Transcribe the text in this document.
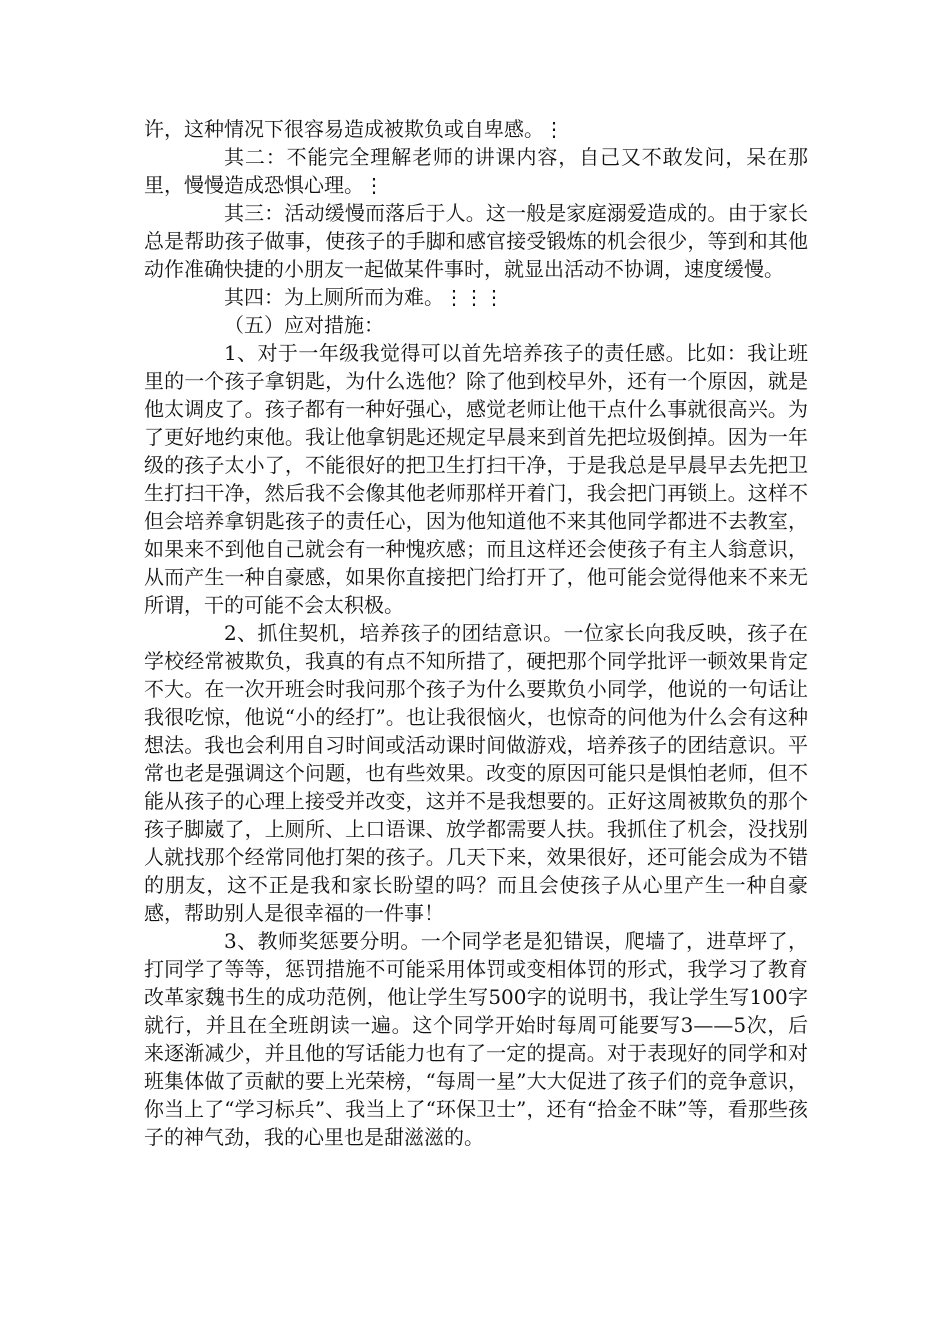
许，这种情况下很容易造成被欺负或自卑感。⋮

其二：不能完全理解老师的讲课内容，自己又不敢发问，呆在那里，慢慢造成恐惧心理。⋮

其三：活动缓慢而落后于人。这一般是家庭溺爱造成的。由于家长总是帮助孩子做事，使孩子的手脚和感官接受锻炼的机会很少，等到和其他动作准确快捷的小朋友一起做某件事时，就显出活动不协调，速度缓慢。

其四：为上厕所而为难。⋮⋮⋮

（五）应对措施：

1、对于一年级我觉得可以首先培养孩子的责任感。比如：我让班里的一个孩子拿钥匙，为什么选他？除了他到校早外，还有一个原因，就是他太调皮了。孩子都有一种好强心，感觉老师让他干点什么事就很高兴。为了更好地约束他。我让他拿钥匙还规定早晨来到首先把垃圾倒掉。因为一年级的孩子太小了，不能很好的把卫生打扫干净，于是我总是早晨早去先把卫生打扫干净，然后我不会像其他老师那样开着门，我会把门再锁上。这样不但会培养拿钥匙孩子的责任心，因为他知道他不来其他同学都进不去教室，如果来不到他自己就会有一种愧疚感；而且这样还会使孩子有主人翁意识，从而产生一种自豪感，如果你直接把门给打开了，他可能会觉得他来不来无所谓，干的可能不会太积极。

2、抓住契机，培养孩子的团结意识。一位家长向我反映，孩子在学校经常被欺负，我真的有点不知所措了，硬把那个同学批评一顿效果肯定不大。在一次开班会时我问那个孩子为什么要欺负小同学，他说的一句话让我很吃惊，他说“小的经打”。也让我很恼火，也惊奇的问他为什么会有这种想法。我也会利用自习时间或活动课时间做游戏，培养孩子的团结意识。平常也老是强调这个问题，也有些效果。改变的原因可能只是惧怕老师，但不能从孩子的心理上接受并改变，这并不是我想要的。正好这周被欺负的那个孩子脚崴了，上厕所、上口语课、放学都需要人扶。我抓住了机会，没找别人就找那个经常同他打架的孩子。几天下来，效果很好，还可能会成为不错的朋友，这不正是我和家长盼望的吗？而且会使孩子从心里产生一种自豪感，帮助别人是很幸福的一件事！

3、教师奖惩要分明。一个同学老是犯错误，爬墙了，进草坪了，打同学了等等，惩罚措施不可能采用体罚或变相体罚的形式，我学习了教育改革家魏书生的成功范例，他让学生写500字的说明书，我让学生写100字就行，并且在全班朗读一遍。这个同学开始时每周可能要写3——5次，后来逐渐减少，并且他的写话能力也有了一定的提高。对于表现好的同学和对班集体做了贡献的要上光荣榜，“每周一星”大大促进了孩子们的竞争意识，你当上了“学习标兵”、我当上了“环保卫士”，还有“拾金不昧”等，看那些孩子的神气劲，我的心里也是甜滋滋的。
